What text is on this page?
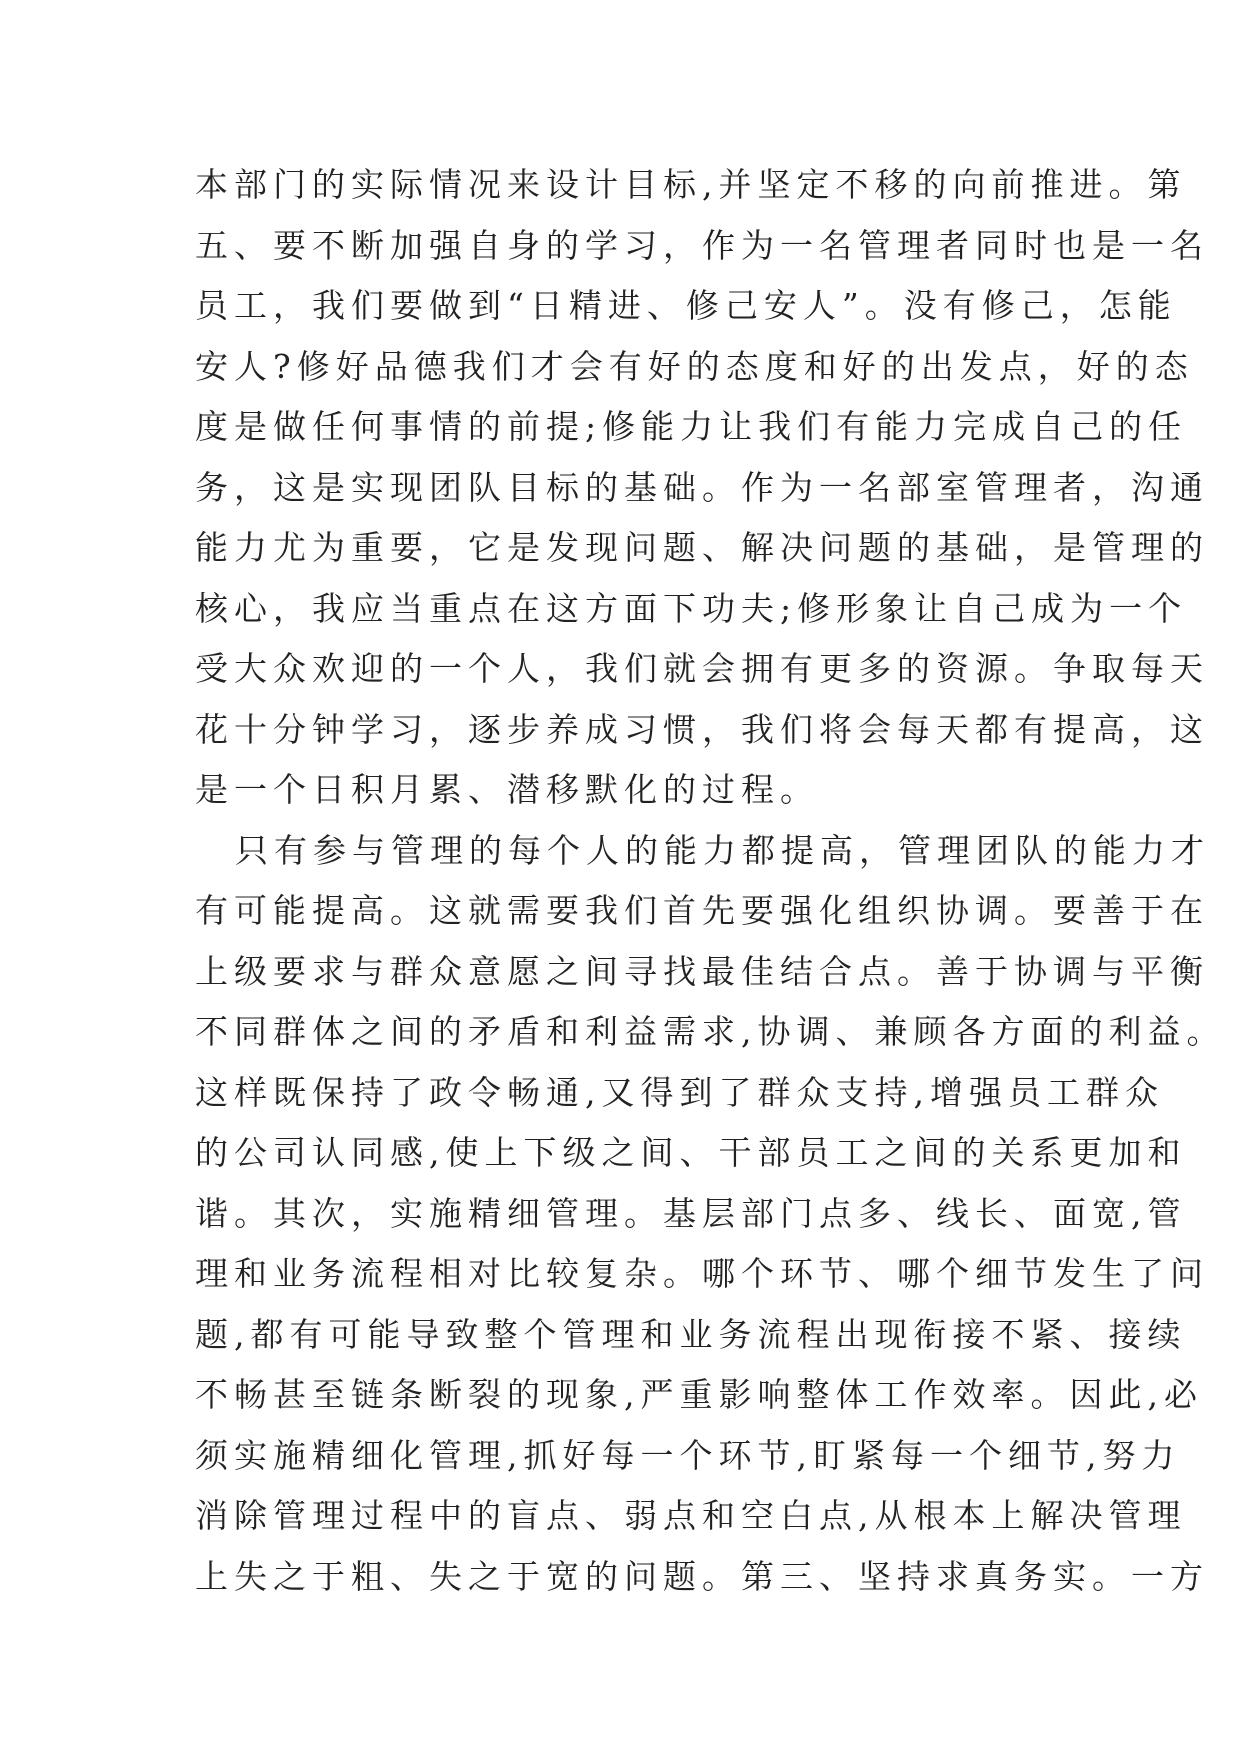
本部门的实际情况来设计目标,并坚定不移的向前推进。第
五、要不断加强自身的学习，作为一名管理者同时也是一名
员工，我们要做到“日精进、修己安人”。没有修己，怎能
安人?修好品德我们才会有好的态度和好的出发点，好的态
度是做任何事情的前提;修能力让我们有能力完成自己的任
务，这是实现团队目标的基础。作为一名部室管理者，沟通
能力尤为重要，它是发现问题、解决问题的基础，是管理的
核心，我应当重点在这方面下功夫;修形象让自己成为一个
受大众欢迎的一个人，我们就会拥有更多的资源。争取每天
花十分钟学习，逐步养成习惯，我们将会每天都有提高，这
是一个日积月累、潜移默化的过程。
只有参与管理的每个人的能力都提高，管理团队的能力才
有可能提高。这就需要我们首先要强化组织协调。要善于在
上级要求与群众意愿之间寻找最佳结合点。善于协调与平衡
不同群体之间的矛盾和利益需求,协调、兼顾各方面的利益。
这样既保持了政令畅通,又得到了群众支持,增强员工群众
的公司认同感,使上下级之间、干部员工之间的关系更加和
谐。其次，实施精细管理。基层部门点多、线长、面宽,管
理和业务流程相对比较复杂。哪个环节、哪个细节发生了问
题,都有可能导致整个管理和业务流程出现衔接不紧、接续
不畅甚至链条断裂的现象,严重影响整体工作效率。因此,必
须实施精细化管理,抓好每一个环节,盯紧每一个细节,努力
消除管理过程中的盲点、弱点和空白点,从根本上解决管理
上失之于粗、失之于宽的问题。第三、坚持求真务实。一方
